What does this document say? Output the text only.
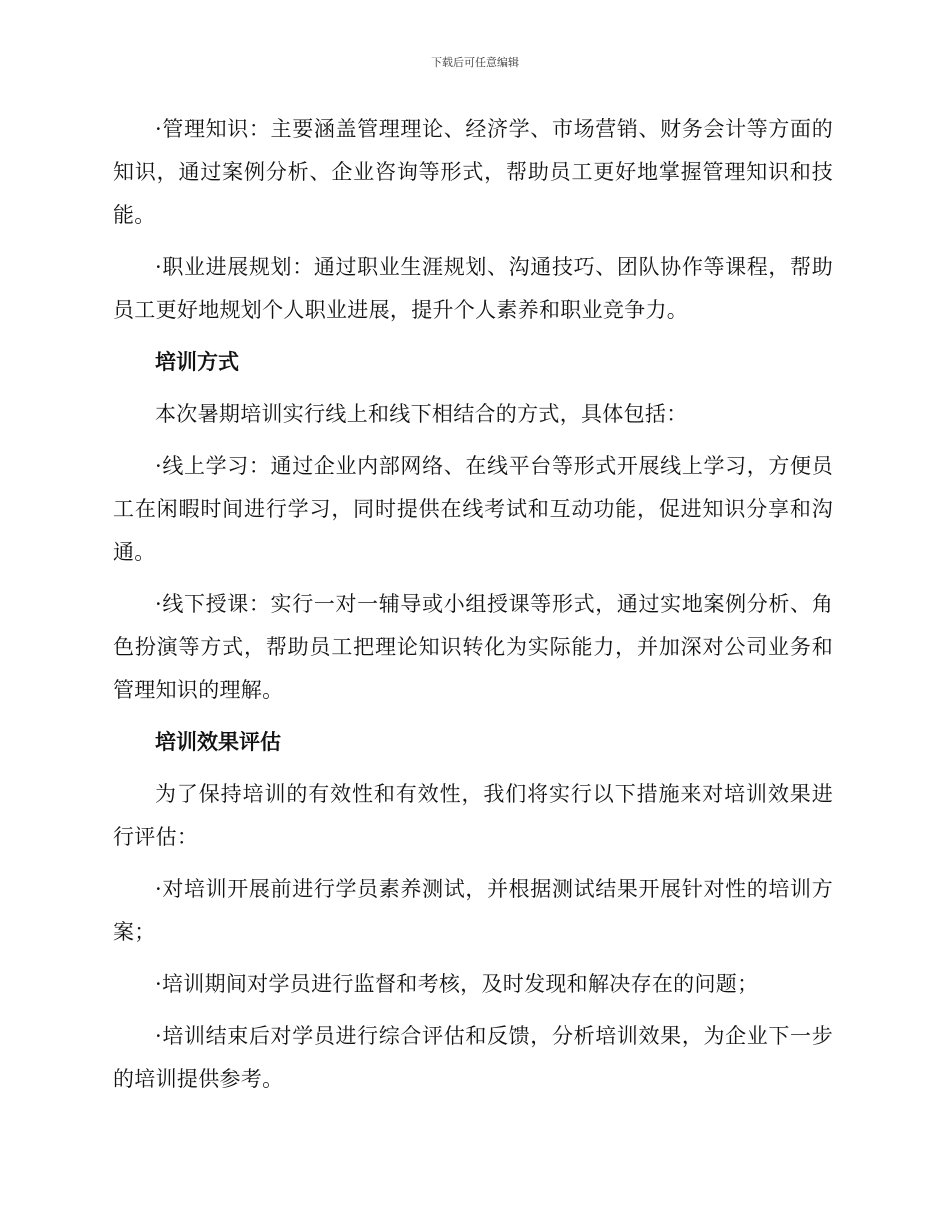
下载后可任意编辑

·管理知识：主要涵盖管理理论、经济学、市场营销、财务会计等方面的知识，通过案例分析、企业咨询等形式，帮助员工更好地掌握管理知识和技能。

·职业进展规划：通过职业生涯规划、沟通技巧、团队协作等课程，帮助员工更好地规划个人职业进展，提升个人素养和职业竞争力。

培训方式

本次暑期培训实行线上和线下相结合的方式，具体包括：

·线上学习：通过企业内部网络、在线平台等形式开展线上学习，方便员工在闲暇时间进行学习，同时提供在线考试和互动功能，促进知识分享和沟通。

·线下授课：实行一对一辅导或小组授课等形式，通过实地案例分析、角色扮演等方式，帮助员工把理论知识转化为实际能力，并加深对公司业务和管理知识的理解。

培训效果评估

为了保持培训的有效性和有效性，我们将实行以下措施来对培训效果进行评估：

·对培训开展前进行学员素养测试，并根据测试结果开展针对性的培训方案；

·培训期间对学员进行监督和考核，及时发现和解决存在的问题；

·培训结束后对学员进行综合评估和反馈，分析培训效果，为企业下一步的培训提供参考。
